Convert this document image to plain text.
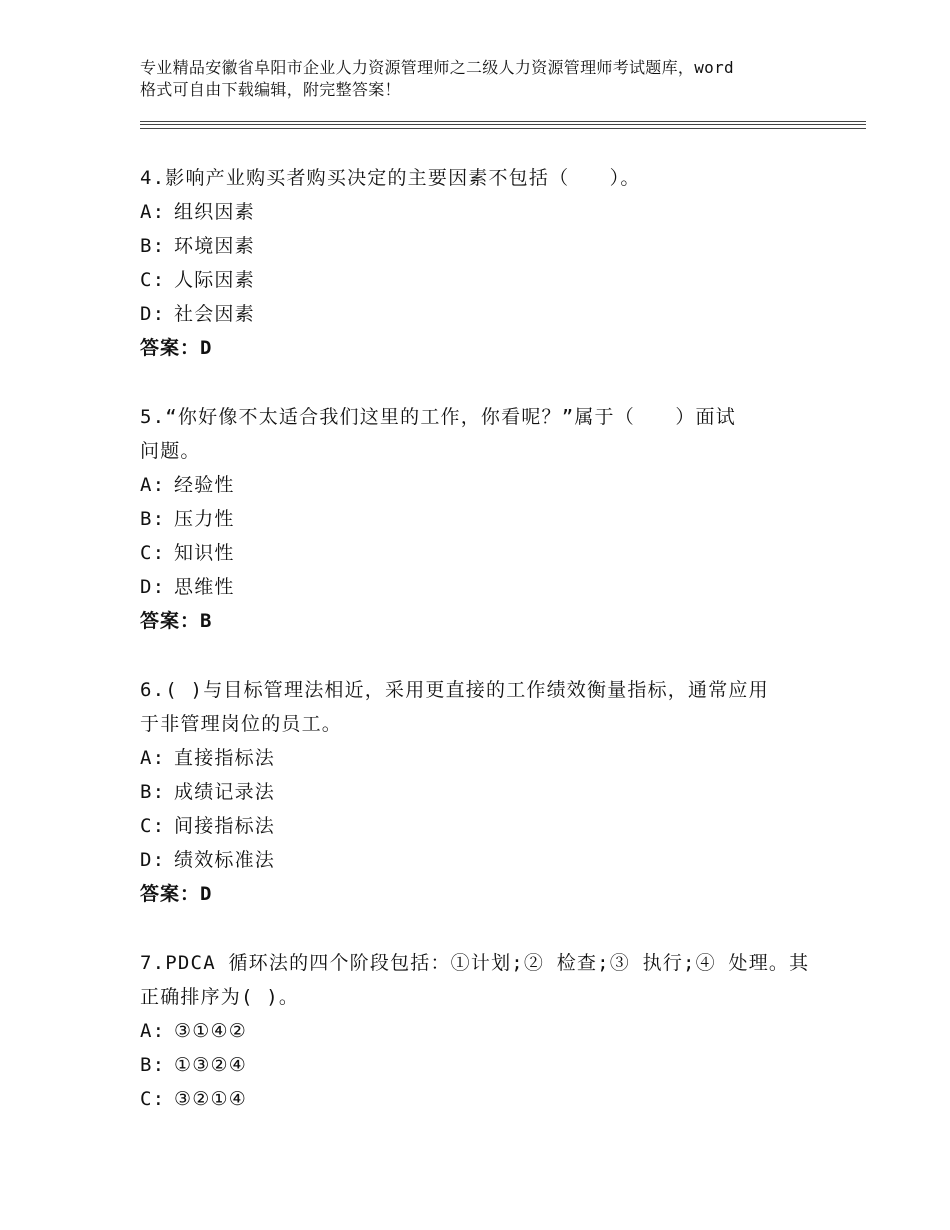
专业精品安徽省阜阳市企业人力资源管理师之二级人力资源管理师考试题库，word
格式可自由下载编辑，附完整答案！
4.影响产业购买者购买决定的主要因素不包括（　　）。
A: 组织因素
B: 环境因素
C: 人际因素
D: 社会因素
答案：D
5.“你好像不太适合我们这里的工作，你看呢？”属于（　　）面试
问题。
A: 经验性
B: 压力性
C: 知识性
D: 思维性
答案：B
6.( )与目标管理法相近，采用更直接的工作绩效衡量指标，通常应用
于非管理岗位的员工。
A: 直接指标法
B: 成绩记录法
C: 间接指标法
D: 绩效标准法
答案：D
7.PDCA 循环法的四个阶段包括：①计划;② 检查;③ 执行;④ 处理。其
正确排序为( )。
A: ③①④②
B: ①③②④
C: ③②①④
